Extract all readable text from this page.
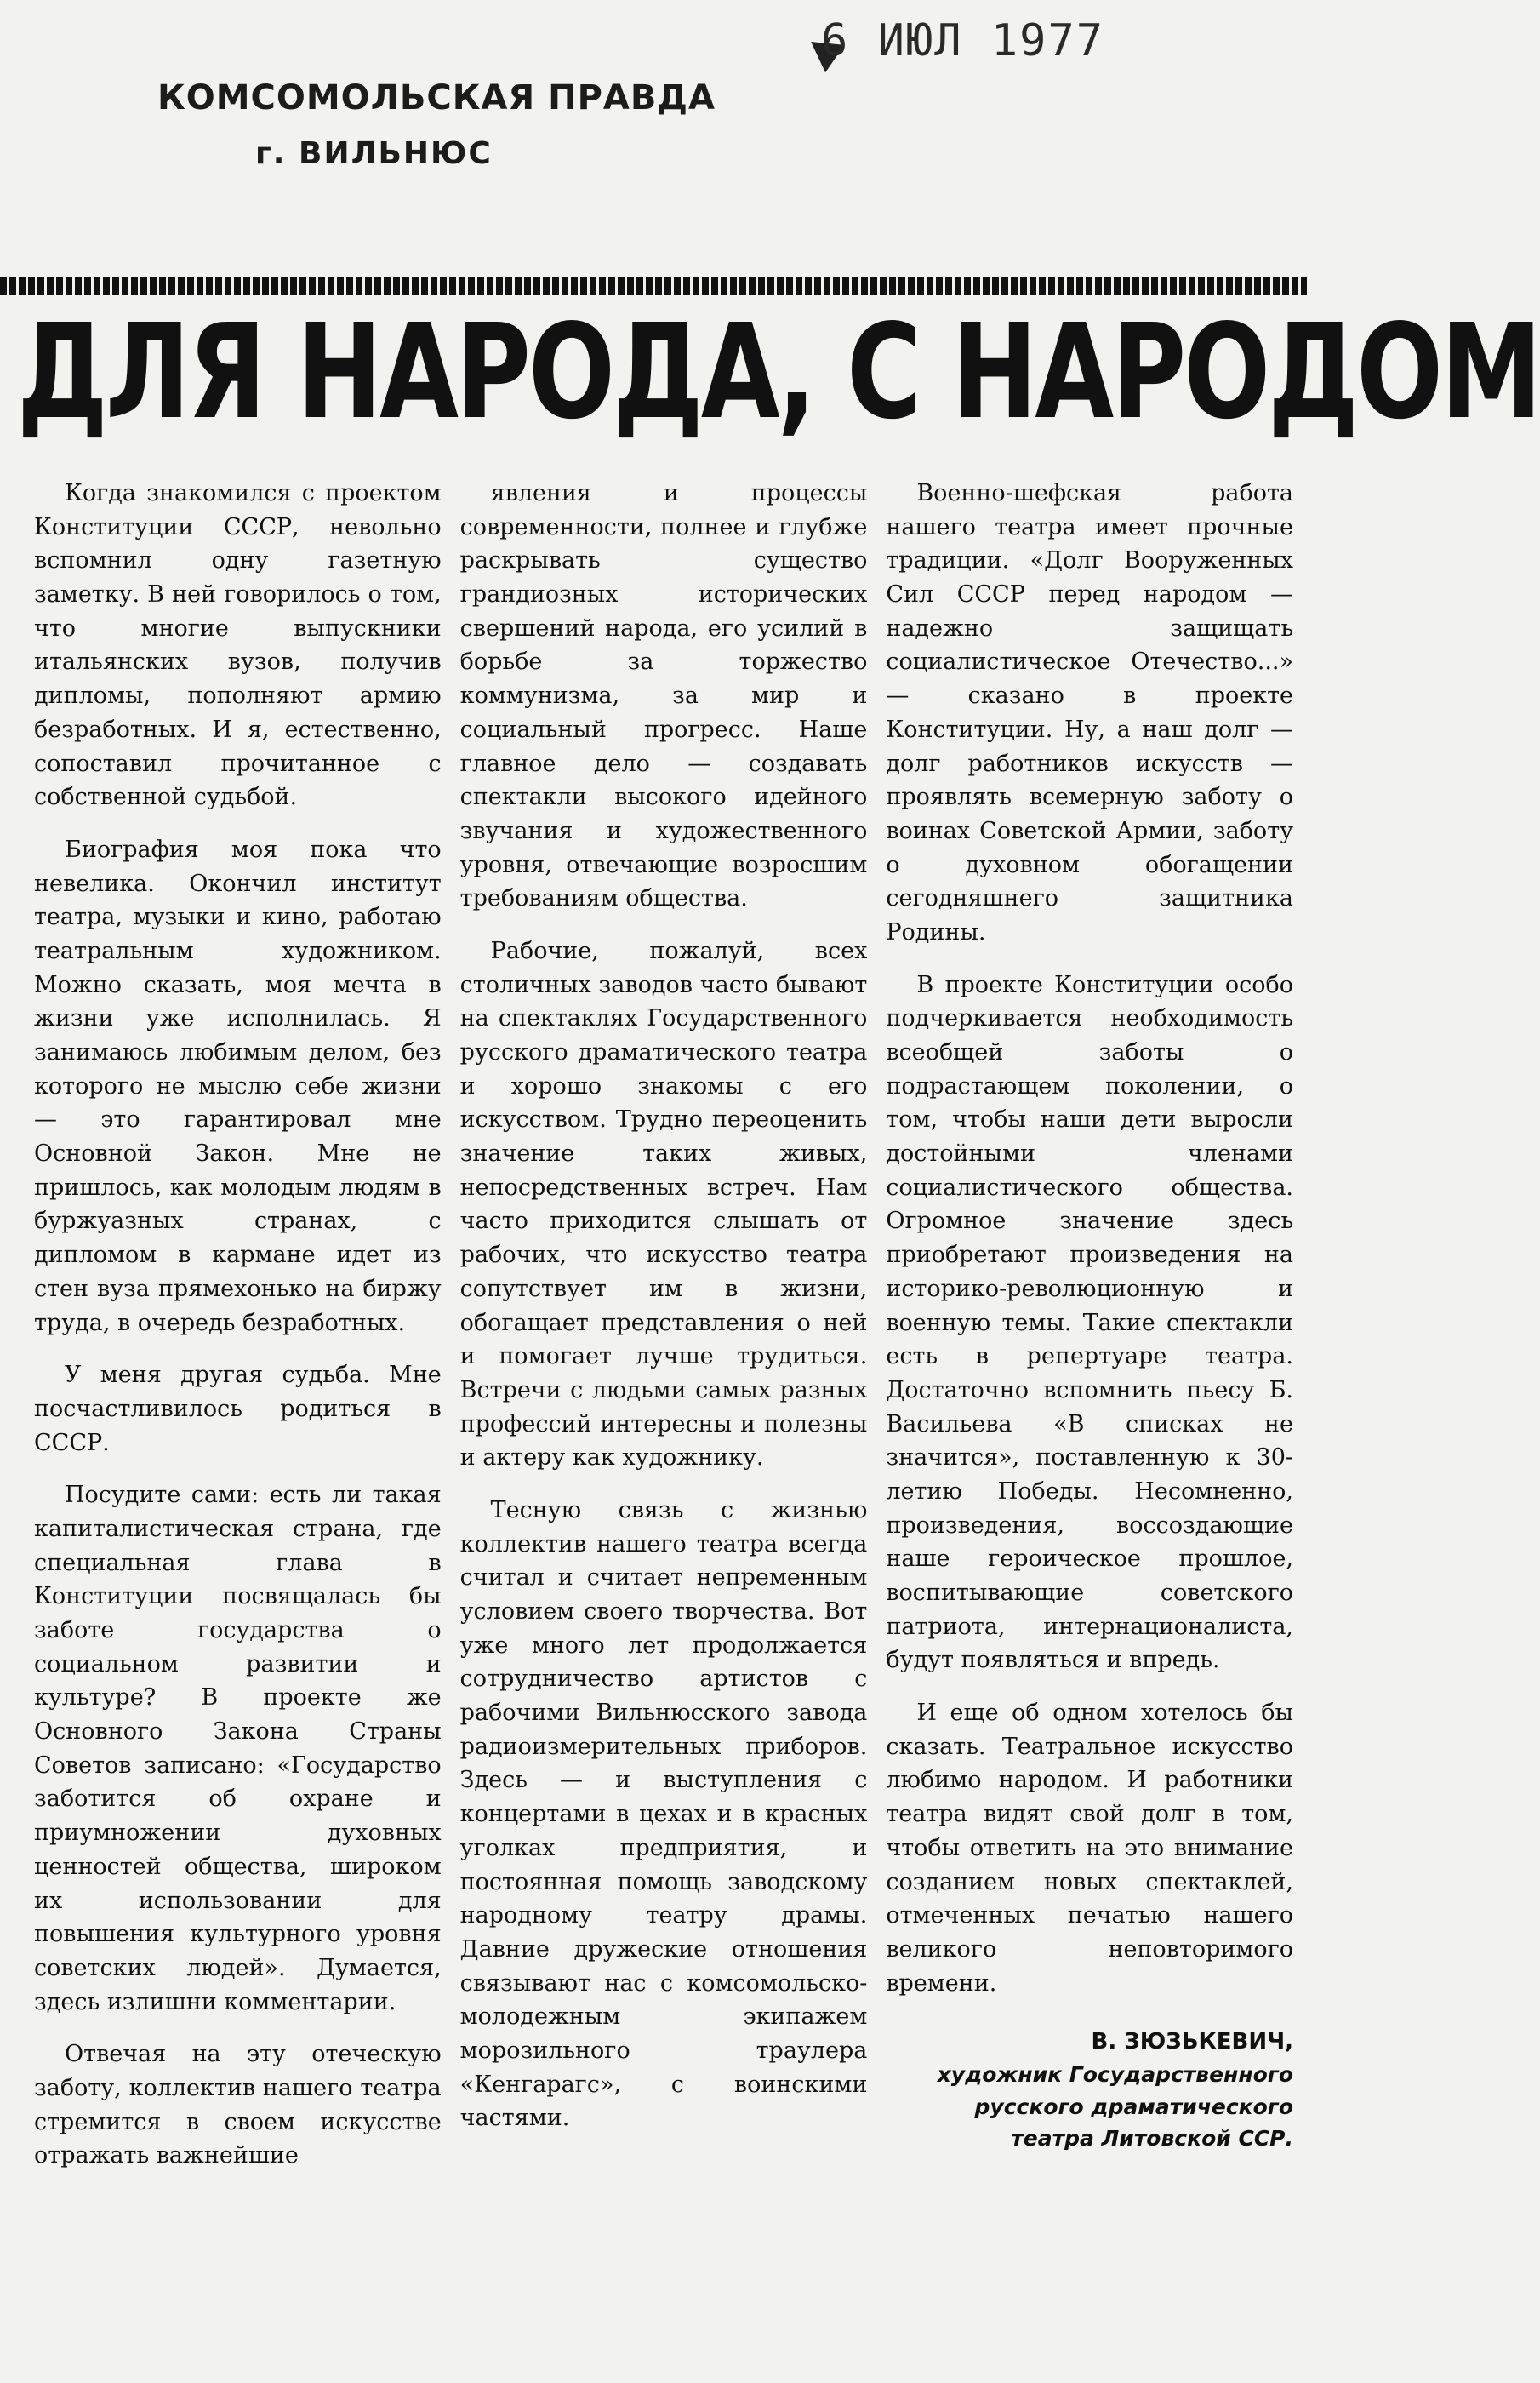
КОМСОМОЛЬСКАЯ ПРАВДА
г. ВИЛЬНЮС
6 ИЮЛ 1977
ДЛЯ НАРОДА, С НАРОДОМ

Когда знакомился с проектом Конституции СССР, невольно вспомнил одну газетную заметку. В ней говорилось о том, что многие выпускники итальянских вузов, получив дипломы, пополняют армию безработных. И я, естественно, сопоставил прочитанное с собственной судьбой.

Биография моя пока что невелика. Окончил институт театра, музыки и кино, работаю театральным художником. Можно сказать, моя мечта в жизни уже исполнилась. Я занимаюсь любимым делом, без которого не мыслю себе жизни — это гарантировал мне Основной Закон. Мне не пришлось, как молодым людям в буржуазных странах, с дипломом в кармане идет из стен вуза прямехонько на биржу труда, в очередь безработных.

У меня другая судьба. Мне посчастливилось родиться в СССР.

Посудите сами: есть ли такая капиталистическая страна, где специальная глава в Конституции посвящалась бы заботе государства о социальном развитии и культуре? В проекте же Основного Закона Страны Советов записано: «Государство заботится об охране и приумножении духовных ценностей общества, широком их использовании для повышения культурного уровня советских людей». Думается, здесь излишни комментарии.

Отвечая на эту отеческую заботу, коллектив нашего театра стремится в своем искусстве отражать важнейшие

явления и процессы современности, полнее и глубже раскрывать существо грандиозных исторических свершений народа, его усилий в борьбе за торжество коммунизма, за мир и социальный прогресс. Наше главное дело — создавать спектакли высокого идейного звучания и художественного уровня, отвечающие возросшим требованиям общества.

Рабочие, пожалуй, всех столичных заводов часто бывают на спектаклях Государственного русского драматического театра и хорошо знакомы с его искусством. Трудно переоценить значение таких живых, непосредственных встреч. Нам часто приходится слышать от рабочих, что искусство театра сопутствует им в жизни, обогащает представления о ней и помогает лучше трудиться. Встречи с людьми самых разных профессий интересны и полезны и актеру как художнику.

Тесную связь с жизнью коллектив нашего театра всегда считал и считает непременным условием своего творчества. Вот уже много лет продолжается сотрудничество артистов с рабочими Вильнюсского завода радиоизмерительных приборов. Здесь — и выступления с концертами в цехах и в красных уголках предприятия, и постоянная помощь заводскому народному театру драмы. Давние дружеские отношения связывают нас с комсомольско-молодежным экипажем морозильного траулера «Кенгарагс», с воинскими частями.

Военно-шефская работа нашего театра имеет прочные традиции. «Долг Вооруженных Сил СССР перед народом — надежно защищать социалистическое Отечество...» — сказано в проекте Конституции. Ну, а наш долг — долг работников искусств — проявлять всемерную заботу о воинах Советской Армии, заботу о духовном обогащении сегодняшнего защитника Родины.

В проекте Конституции особо подчеркивается необходимость всеобщей заботы о подрастающем поколении, о том, чтобы наши дети выросли достойными членами социалистического общества. Огромное значение здесь приобретают произведения на историко-революционную и военную темы. Такие спектакли есть в репертуаре театра. Достаточно вспомнить пьесу Б. Васильева «В списках не значится», поставленную к 30-летию Победы. Несомненно, произведения, воссоздающие наше героическое прошлое, воспитывающие советского патриота, интернационалиста, будут появляться и впредь.

И еще об одном хотелось бы сказать. Театральное искусство любимо народом. И работники театра видят свой долг в том, чтобы ответить на это внимание созданием новых спектаклей, отмеченных печатью нашего великого неповторимого времени.

В. ЗЮЗЬКЕВИЧ,
художник Государственного русского драматического театра Литовской ССР.
